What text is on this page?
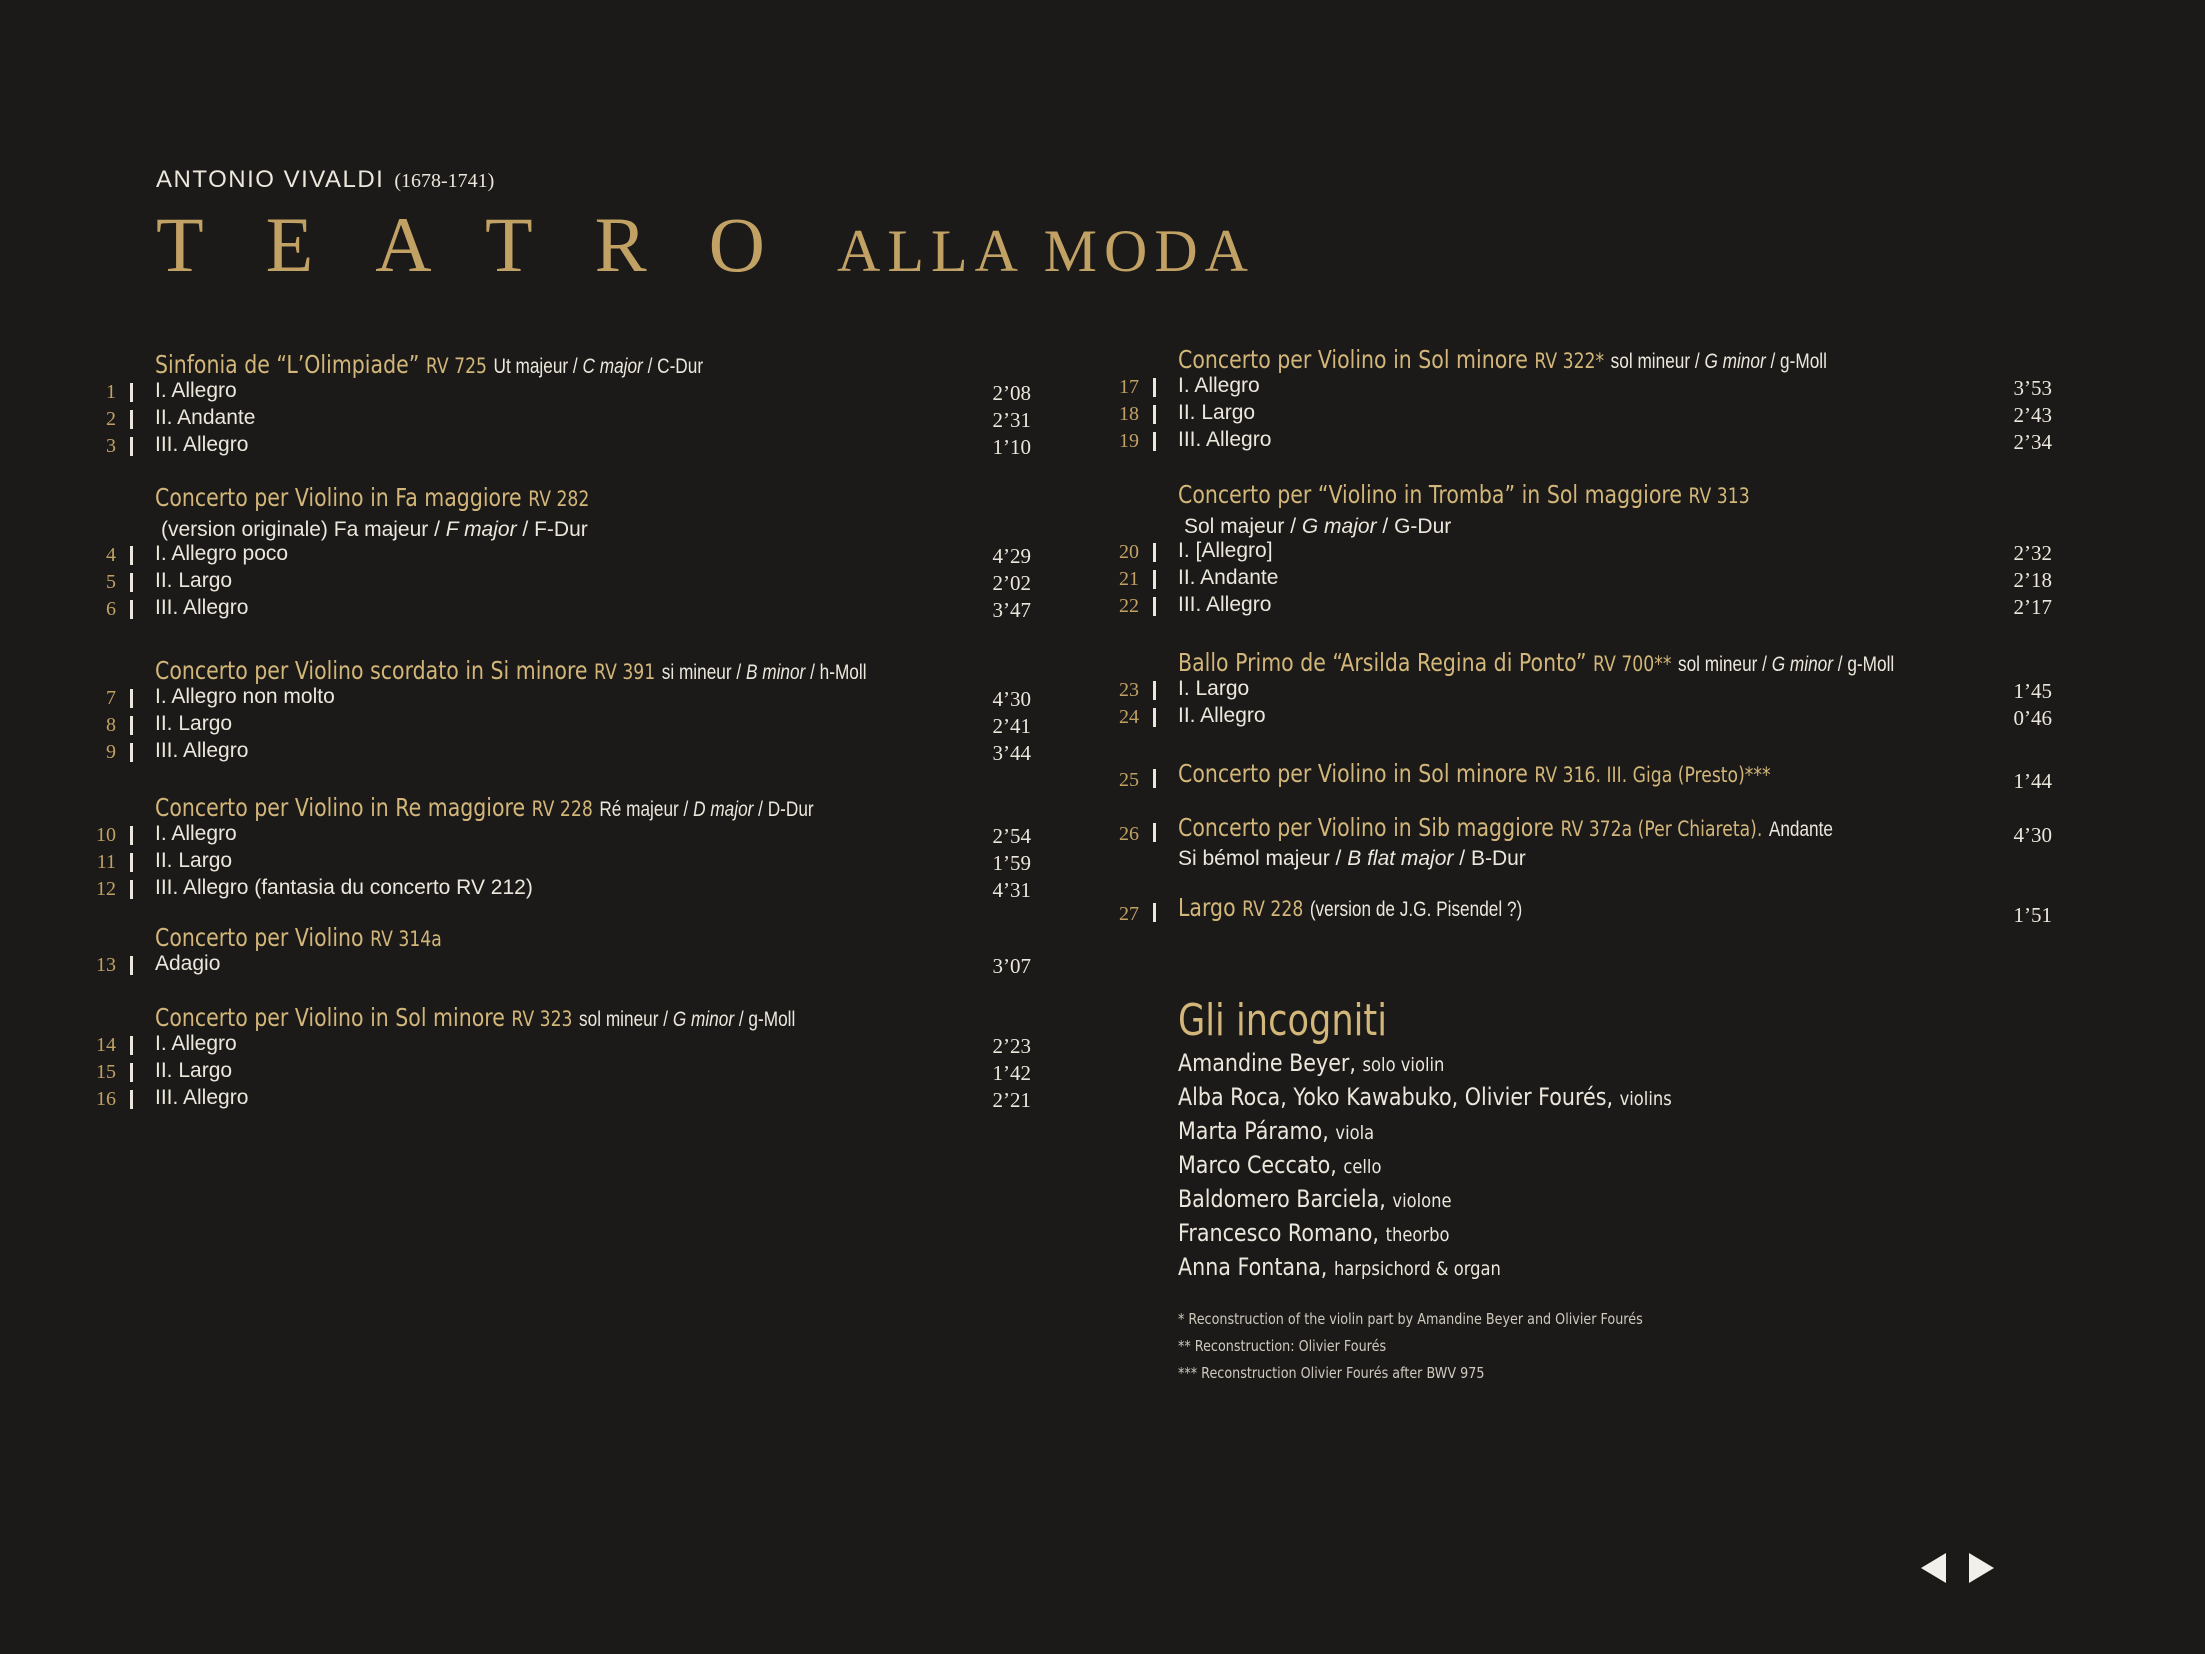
ANTONIO VIVALDI (1678-1741)
TEATRO ALLA MODA
Sinfonia de “L’Olimpiade” RV 725 Ut majeur / C major / C-Dur
1 I. Allegro	2’08
2 II. Andante	2’31
3 III. Allegro	1’10
Concerto per Violino in Fa maggiore RV 282
(version originale) Fa majeur / F major / F-Dur
4 I. Allegro poco	4’29
5 II. Largo	2’02
6 III. Allegro	3’47
Concerto per Violino scordato in Si minore RV 391 si mineur / B minor / h-Moll
7 I. Allegro non molto	4’30
8 II. Largo	2’41
9 III. Allegro	3’44
Concerto per Violino in Re maggiore RV 228 Ré majeur / D major / D-Dur
10 I. Allegro	2’54
11 II. Largo	1’59
12 III. Allegro (fantasia du concerto RV 212)	4’31
Concerto per Violino RV 314a
13 Adagio	3’07
Concerto per Violino in Sol minore RV 323 sol mineur / G minor / g-Moll
14 I. Allegro	2’23
15 II. Largo	1’42
16 III. Allegro	2’21
Concerto per Violino in Sol minore RV 322* sol mineur / G minor / g-Moll
17 I. Allegro	3’53
18 II. Largo	2’43
19 III. Allegro	2’34
Concerto per “Violino in Tromba” in Sol maggiore RV 313
Sol majeur / G major / G-Dur
20 I. [Allegro]	2’32
21 II. Andante	2’18
22 III. Allegro	2’17
Ballo Primo de “Arsilda Regina di Ponto” RV 700** sol mineur / G minor / g-Moll
23 I. Largo	1’45
24 II. Allegro	0’46
25 Concerto per Violino in Sol minore RV 316. III. Giga (Presto)***	1’44
26 Concerto per Violino in Sib maggiore RV 372a (Per Chiareta). Andante	4’30
Si bémol majeur / B flat major / B-Dur
27 Largo RV 228 (version de J.G. Pisendel ?)	1’51
Gli incogniti
Amandine Beyer, solo violin
Alba Roca, Yoko Kawabuko, Olivier Fourés, violins
Marta Páramo, viola
Marco Ceccato, cello
Baldomero Barciela, violone
Francesco Romano, theorbo
Anna Fontana, harpsichord & organ
* Reconstruction of the violin part by Amandine Beyer and Olivier Fourés
** Reconstruction: Olivier Fourés
*** Reconstruction Olivier Fourés after BWV 975
